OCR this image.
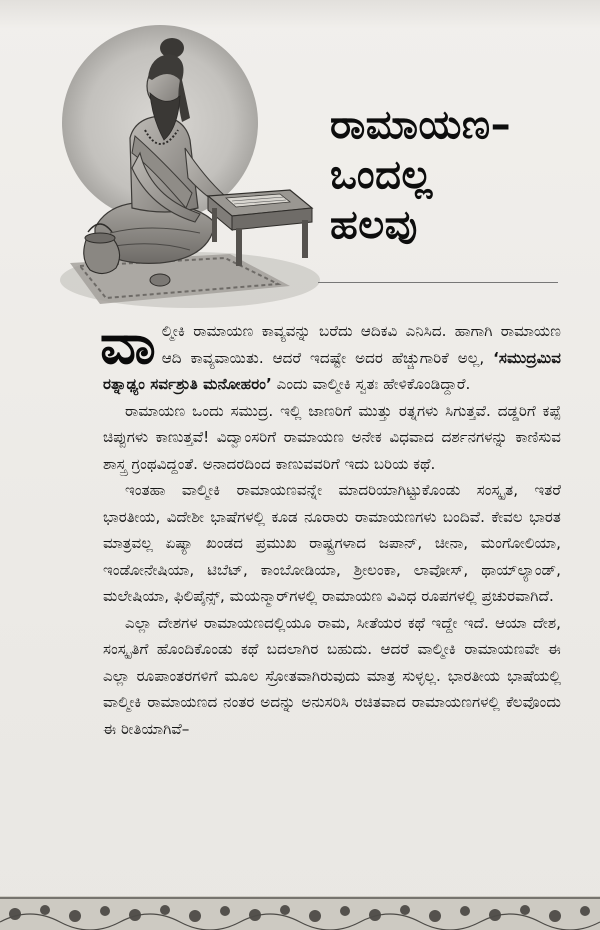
ರಾಮಾಯಣ–
ಒಂದಲ್ಲ
ಹಲವು

ವಾಲ್ಮೀಕಿ ರಾಮಾಯಣ ಕಾವ್ಯವನ್ನು ಬರೆದು ಆದಿಕವಿ ಎನಿಸಿದ. ಹಾಗಾಗಿ ರಾಮಾಯಣ ಆದಿ ಕಾವ್ಯವಾಯಿತು. ಆದರೆ ಇದಷ್ಟೇ ಅದರ ಹೆಚ್ಚುಗಾರಿಕೆ ಅಲ್ಲ, ‘ಸಮುದ್ರಮಿವ ರತ್ನಾಢ್ಯಂ ಸರ್ವಶ್ರುತಿ ಮನೋಹರಂ’ ಎಂದು ವಾಲ್ಮೀಕಿ ಸ್ವತಃ ಹೇಳಿಕೊಂಡಿದ್ದಾರೆ.

ರಾಮಾಯಣ ಒಂದು ಸಮುದ್ರ. ಇಲ್ಲಿ ಜಾಣರಿಗೆ ಮುತ್ತು ರತ್ನಗಳು ಸಿಗುತ್ತವೆ. ದಡ್ಡರಿಗೆ ಕಪ್ಪೆ ಚಿಪ್ಪುಗಳು ಕಾಣುತ್ತವೆ! ವಿದ್ವಾಂಸರಿಗೆ ರಾಮಾಯಣ ಅನೇಕ ವಿಧವಾದ ದರ್ಶನಗಳನ್ನು ಕಾಣಿಸುವ ಶಾಸ್ತ್ರ ಗ್ರಂಥವಿದ್ದಂತೆ. ಅನಾದರದಿಂದ ಕಾಣುವವರಿಗೆ ಇದು ಬರಿಯ ಕಥೆ.

ಇಂತಹಾ ವಾಲ್ಮೀಕಿ ರಾಮಾಯಣವನ್ನೇ ಮಾದರಿಯಾಗಿಟ್ಟುಕೊಂಡು ಸಂಸ್ಕೃತ, ಇತರೆ ಭಾರತೀಯ, ವಿದೇಶೀ ಭಾಷೆಗಳಲ್ಲಿ ಕೂಡ ನೂರಾರು ರಾಮಾಯಣಗಳು ಬಂದಿವೆ. ಕೇವಲ ಭಾರತ ಮಾತ್ರವಲ್ಲ ಏಷ್ಯಾ ಖಂಡದ ಪ್ರಮುಖ ರಾಷ್ಟ್ರಗಳಾದ ಜಪಾನ್, ಚೀನಾ, ಮಂಗೋಲಿಯಾ, ಇಂಡೋನೇಷಿಯಾ, ಟಿಬೆಟ್, ಕಾಂಬೋಡಿಯಾ, ಶ್ರೀಲಂಕಾ, ಲಾವೋಸ್, ಥಾಯ್‌ಲ್ಯಾಂಡ್, ಮಲೇಷಿಯಾ, ಫಿಲಿಪೈನ್ಸ್, ಮಯನ್ಮಾರ್‌ಗಳಲ್ಲಿ ರಾಮಾಯಣ ವಿವಿಧ ರೂಪಗಳಲ್ಲಿ ಪ್ರಚುರವಾಗಿದೆ.

ಎಲ್ಲಾ ದೇಶಗಳ ರಾಮಾಯಣದಲ್ಲಿಯೂ ರಾಮ, ಸೀತೆಯರ ಕಥೆ ಇದ್ದೇ ಇದೆ. ಆಯಾ ದೇಶ, ಸಂಸ್ಕೃತಿಗೆ ಹೊಂದಿಕೊಂಡು ಕಥೆ ಬದಲಾಗಿರ ಬಹುದು. ಆದರೆ ವಾಲ್ಮೀಕಿ ರಾಮಾಯಣವೇ ಈ ಎಲ್ಲಾ ರೂಪಾಂತರಗಳಿಗೆ ಮೂಲ ಸ್ರೋತವಾಗಿರುವುದು ಮಾತ್ರ ಸುಳ್ಳಲ್ಲ. ಭಾರತೀಯ ಭಾಷೆಯಲ್ಲಿ ವಾಲ್ಮೀಕಿ ರಾಮಾಯಣದ ನಂತರ ಅದನ್ನು ಅನುಸರಿಸಿ ರಚಿತವಾದ ರಾಮಾಯಣಗಳಲ್ಲಿ ಕೆಲವೊಂದು ಈ ರೀತಿಯಾಗಿವೆ–
